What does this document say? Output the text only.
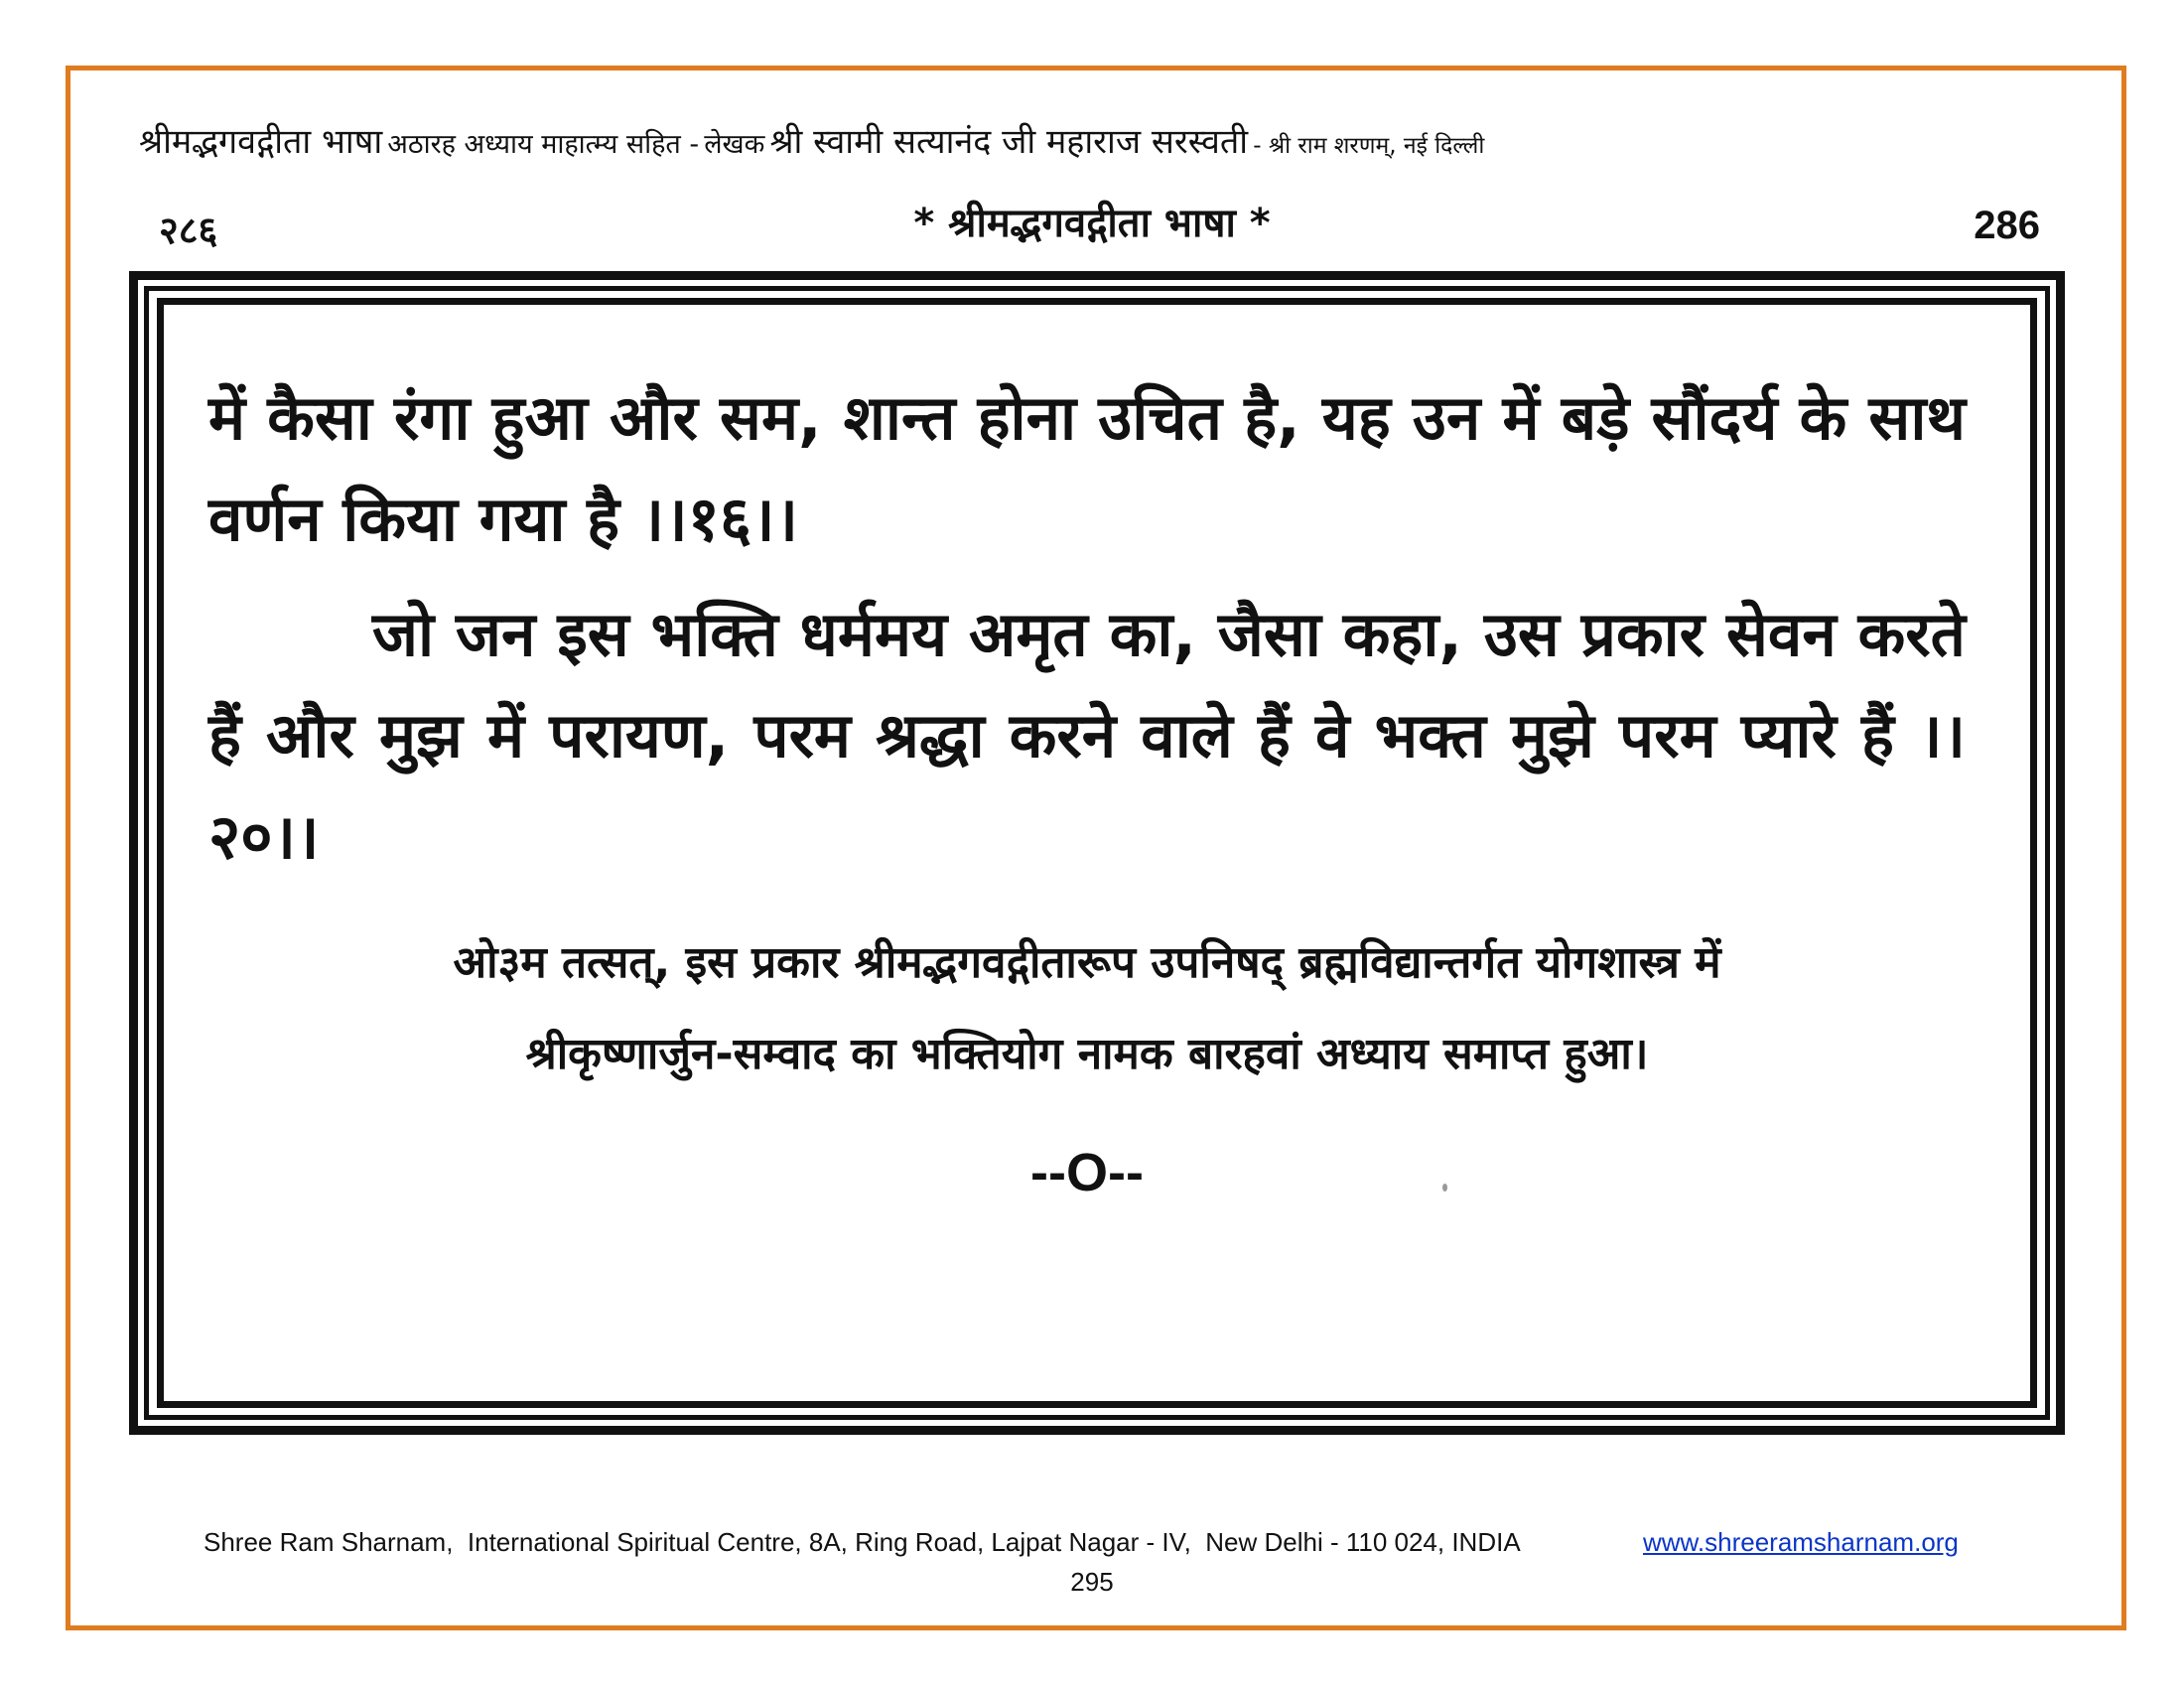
श्रीमद्भगवद्गीता भाषा अठारह अध्याय माहात्म्य सहित - लेखक श्री स्वामी सत्यानंद जी महाराज सरस्वती - श्री राम शरणम्, नई दिल्ली
२८६	* श्रीमद्भगवद्गीता भाषा *	286

में कैसा रंगा हुआ और सम, शान्त होना उचित है, यह उन में बड़े सौंदर्य के साथ वर्णन किया गया है ।।१६।।

जो जन इस भक्ति धर्ममय अमृत का, जैसा कहा, उस प्रकार सेवन करते हैं और मुझ में परायण, परम श्रद्धा करने वाले हैं वे भक्त मुझे परम प्यारे हैं ।।२०।।

ओ३म तत्सत्, इस प्रकार श्रीमद्भगवद्गीतारूप उपनिषद् ब्रह्मविद्यान्तर्गत योगशास्त्र में
श्रीकृष्णार्जुन-सम्वाद का भक्तियोग नामक बारहवां अध्याय समाप्त हुआ।
--O--
Shree Ram Sharnam,  International Spiritual Centre, 8A, Ring Road, Lajpat Nagar - IV,  New Delhi - 110 024, INDIA	www.shreeramsharnam.org
295
